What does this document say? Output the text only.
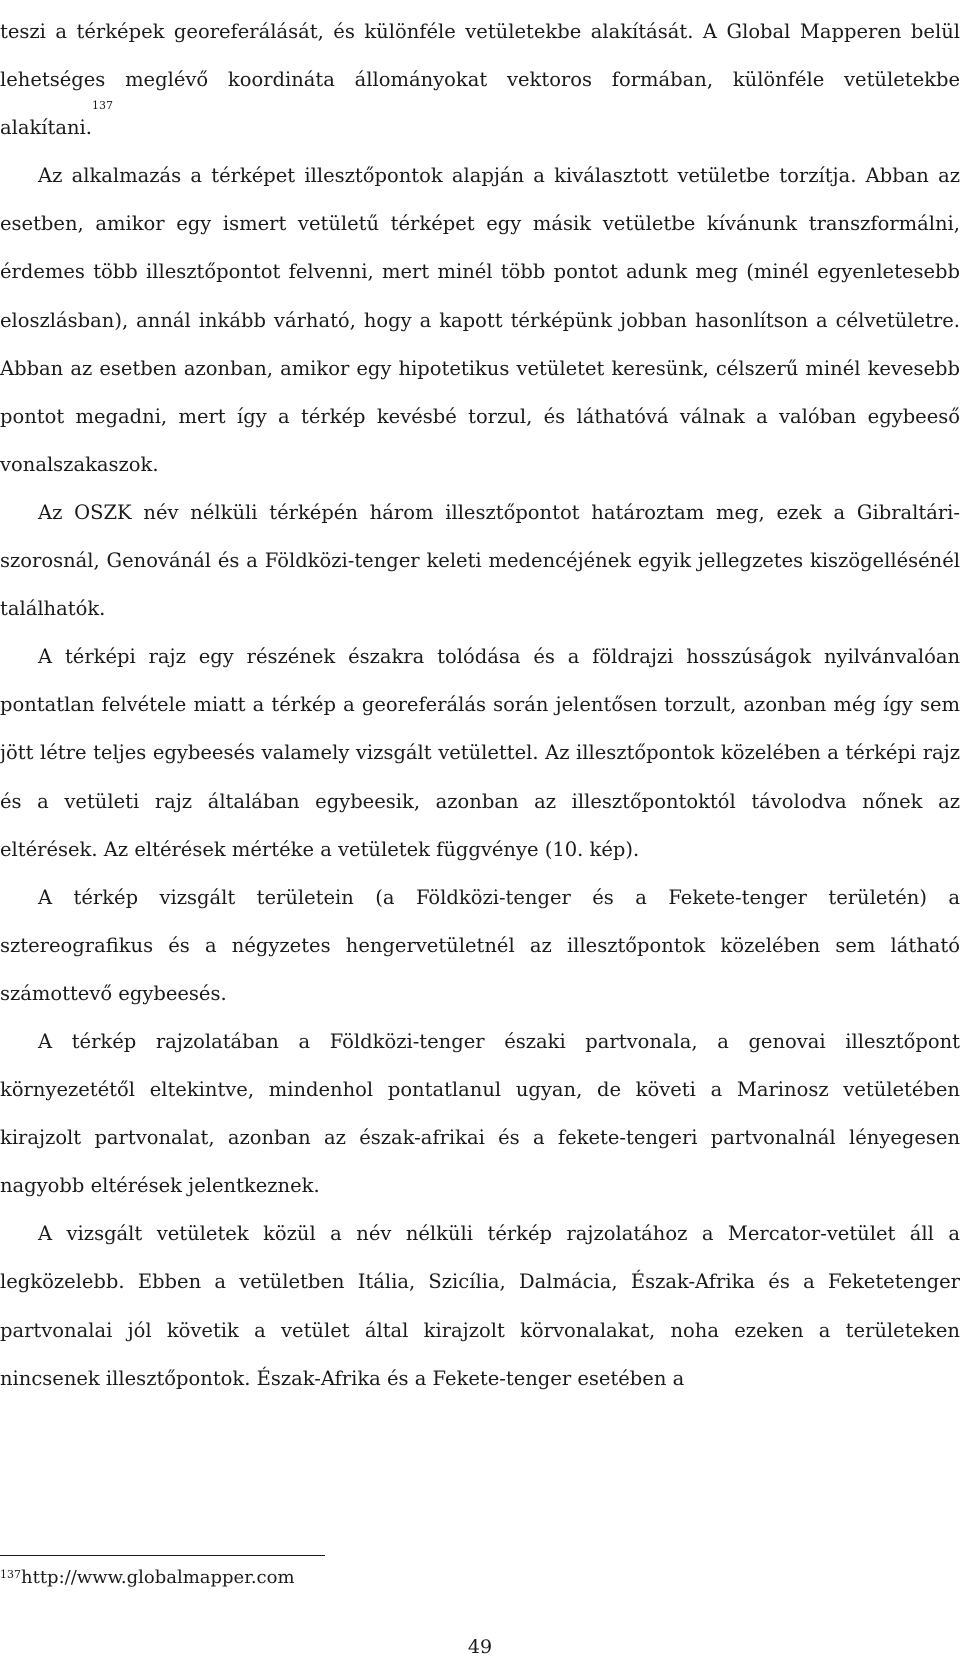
teszi a térképek georeferálását, és különféle vetületekbe alakítását. A Global Mapperen belül lehetséges meglévő koordináta állományokat vektoros formában, különféle vetületekbe alakítani.$^{137}$

Az alkalmazás a térképet illesztőpontok alapján a kiválasztott vetületbe torzítja. Abban az esetben, amikor egy ismert vetületű térképet egy másik vetületbe kívánunk transzformálni, érdemes több illesztőpontot felvenni, mert minél több pontot adunk meg (minél egyenletesebb eloszlásban), annál inkább várható, hogy a kapott térképünk jobban hasonlítson a célvetületre. Abban az esetben azonban, amikor egy hipotetikus vetületet keresünk, célszerű minél kevesebb pontot megadni, mert így a térkép kevésbé torzul, és láthatóvá válnak a valóban egybeeső vonalszakaszok.

Az OSZK név nélküli térképén három illesztőpontot határoztam meg, ezek a Gibraltári-szorosnál, Genovánál és a Földközi-tenger keleti medencéjének egyik jellegzetes kiszögellésénél találhatók.

A térképi rajz egy részének északra tolódása és a földrajzi hosszúságok nyilvánvalóan pontatlan felvétele miatt a térkép a georeferálás során jelentősen torzult, azonban még így sem jött létre teljes egybeesés valamely vizsgált vetülettel. Az illesztőpontok közelében a térképi rajz és a vetületi rajz általában egybeesik, azonban az illesztőpontoktól távolodva nőnek az eltérések. Az eltérések mértéke a vetületek függvénye (10. kép).

A térkép vizsgált területein (a Földközi-tenger és a Fekete-tenger területén) a sztereografikus és a négyzetes hengervetületnél az illesztőpontok közelében sem látható számottevő egybeesés.

A térkép rajzolatában a Földközi-tenger északi partvonala, a genovai illesztőpont környezetétől eltekintve, mindenhol pontatlanul ugyan, de követi a Marinosz vetületében kirajzolt partvonalat, azonban az észak-afrikai és a fekete-tengeri partvonalnál lényegesen nagyobb eltérések jelentkeznek.

A vizsgált vetületek közül a név nélküli térkép rajzolatához a Mercator-vetület áll a legközelebb. Ebben a vetületben Itália, Szicília, Dalmácia, Észak-Afrika és a Feketetenger partvonalai jól követik a vetület által kirajzolt körvonalakat, noha ezeken a területeken nincsenek illesztőpontok. Észak-Afrika és a Fekete-tenger esetében a

$^{137}$http://www.globalmapper.com
49
